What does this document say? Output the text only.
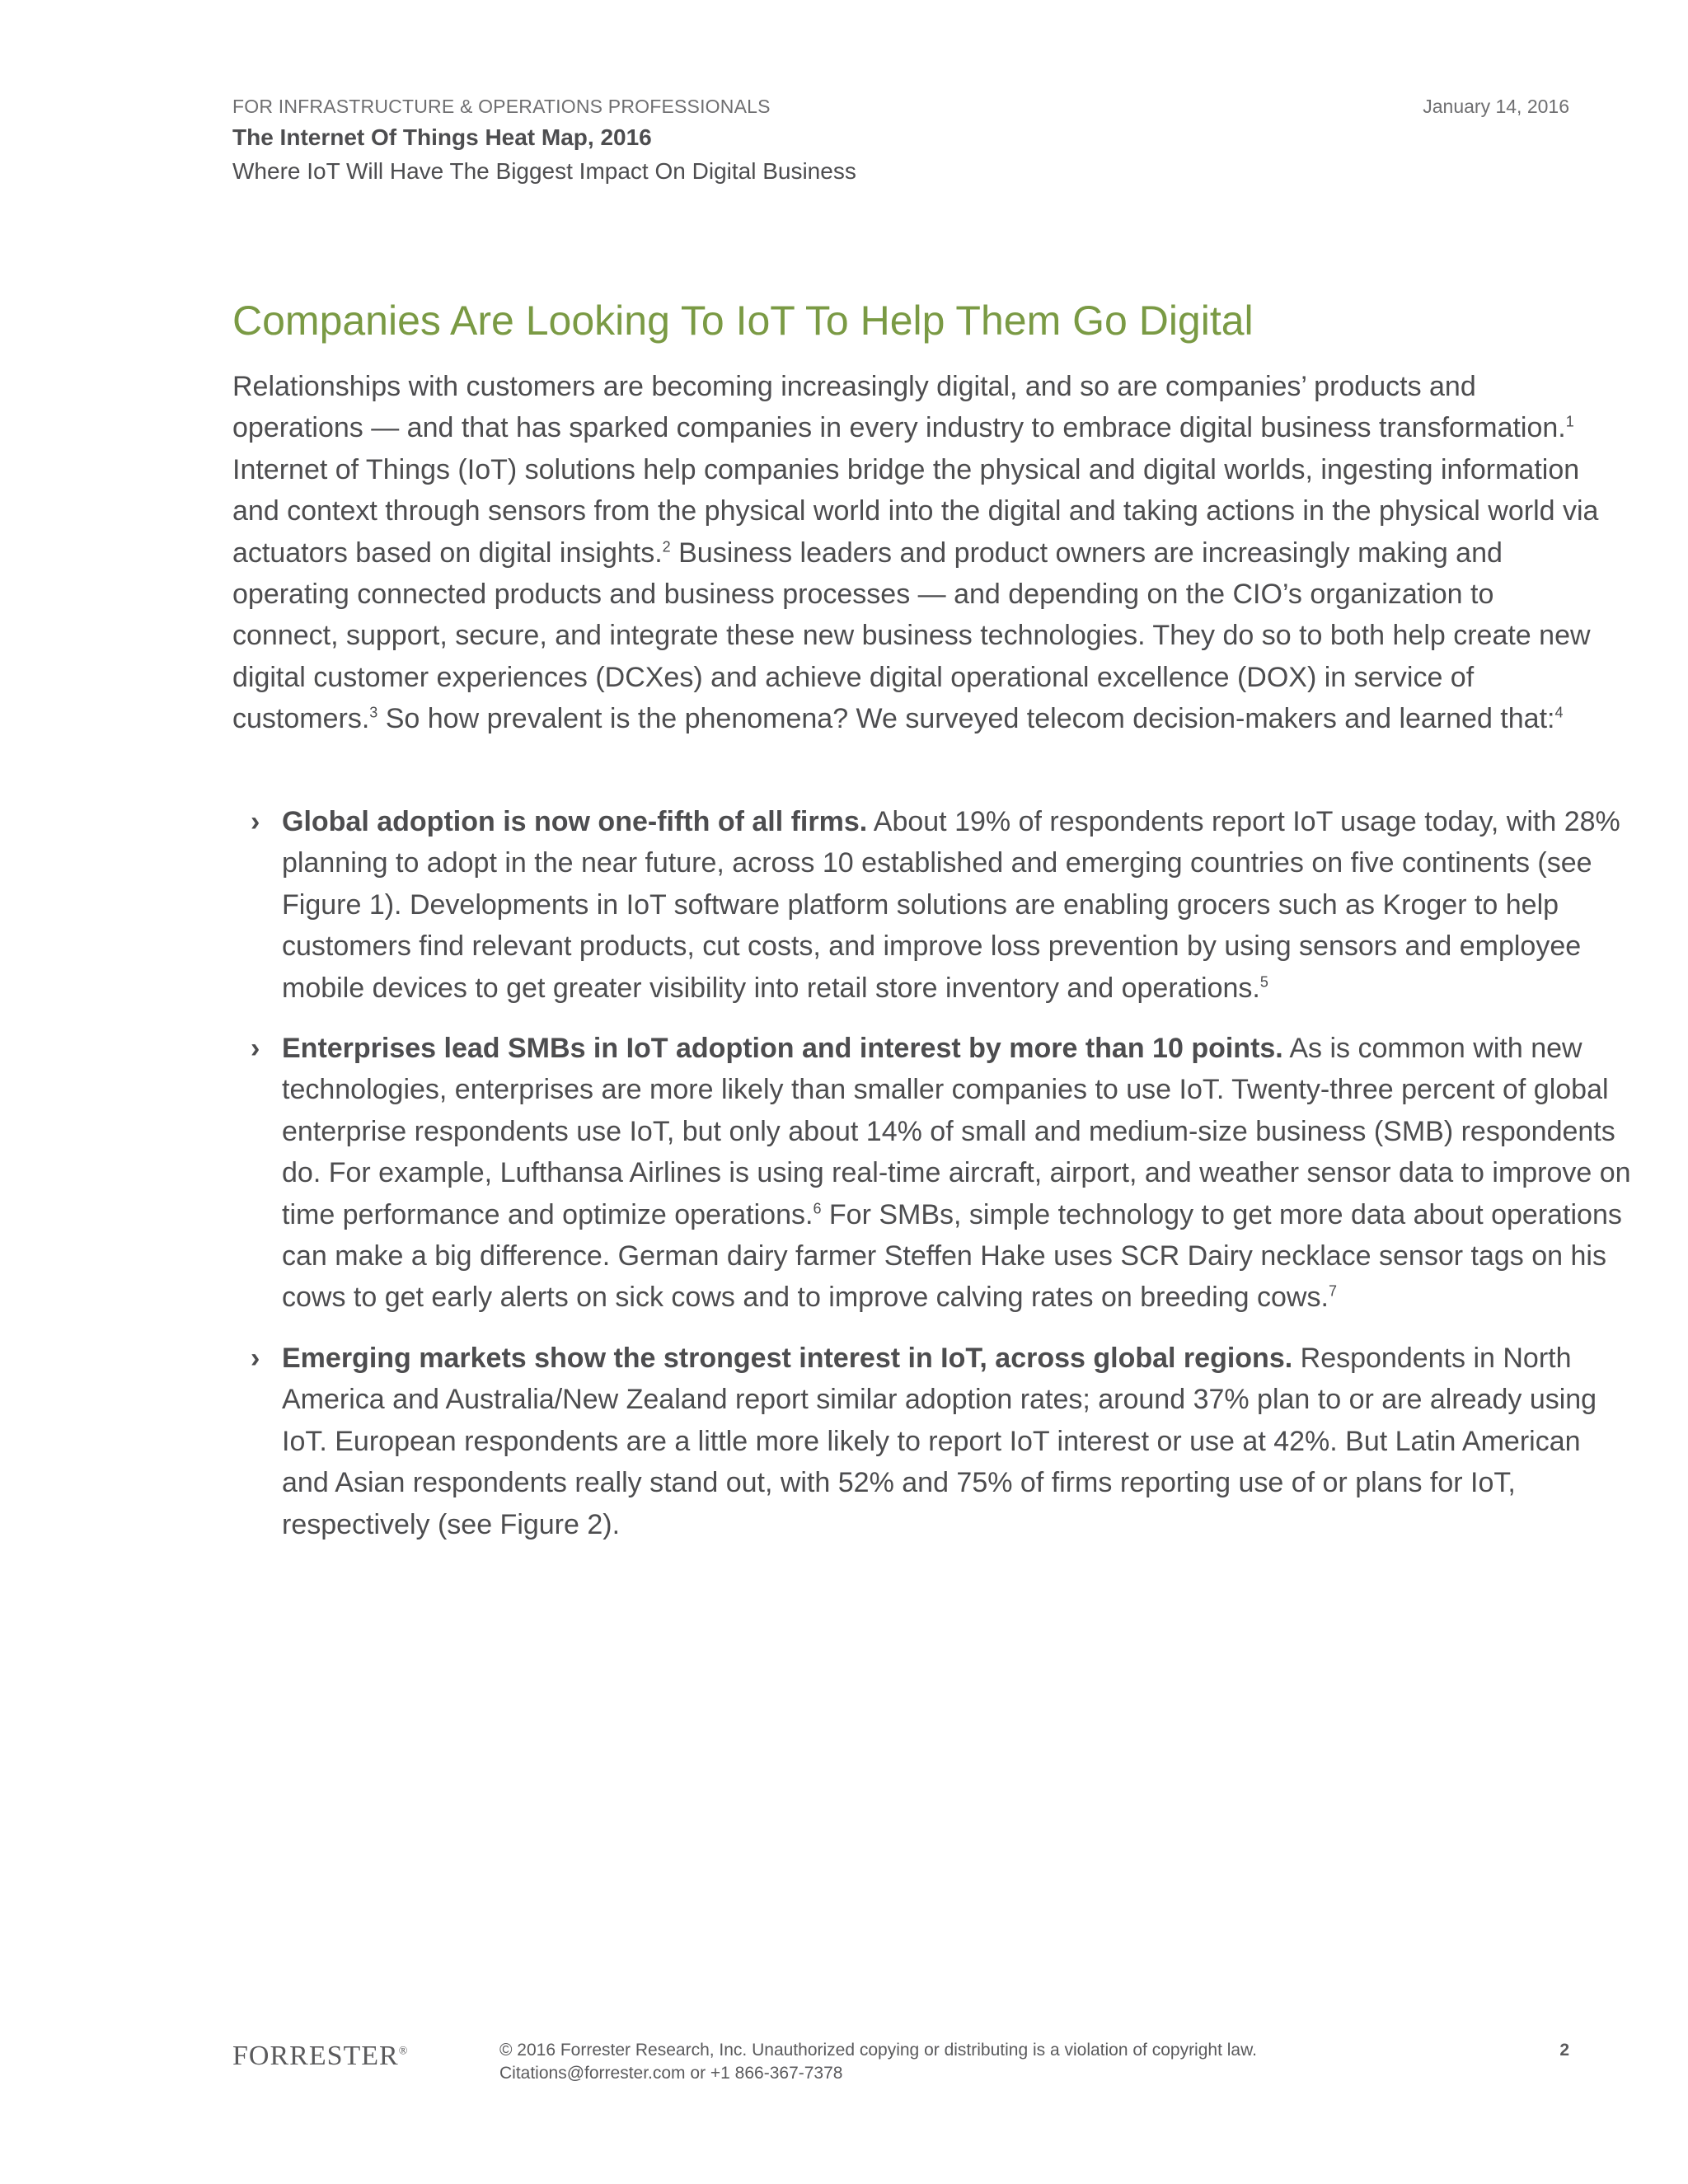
FOR INFRASTRUCTURE & OPERATIONS PROFESSIONALS	January 14, 2016
The Internet Of Things Heat Map, 2016
Where IoT Will Have The Biggest Impact On Digital Business
Companies Are Looking To IoT To Help Them Go Digital

Relationships with customers are becoming increasingly digital, and so are companies’ products and operations — and that has sparked companies in every industry to embrace digital business transformation.$^1$ Internet of Things (IoT) solutions help companies bridge the physical and digital worlds, ingesting information and context through sensors from the physical world into the digital and taking actions in the physical world via actuators based on digital insights.$^2$ Business leaders and product owners are increasingly making and operating connected products and business processes — and depending on the CIO’s organization to connect, support, secure, and integrate these new business technologies. They do so to both help create new digital customer experiences (DCXes) and achieve digital operational excellence (DOX) in service of customers.$^3$ So how prevalent is the phenomena? We surveyed telecom decision-makers and learned that:$^4$

› Global adoption is now one-fifth of all firms. About 19% of respondents report IoT usage today, with 28% planning to adopt in the near future, across 10 established and emerging countries on five continents (see Figure 1). Developments in IoT software platform solutions are enabling grocers such as Kroger to help customers find relevant products, cut costs, and improve loss prevention by using sensors and employee mobile devices to get greater visibility into retail store inventory and operations.$^5$
› Enterprises lead SMBs in IoT adoption and interest by more than 10 points. As is common with new technologies, enterprises are more likely than smaller companies to use IoT. Twenty-three percent of global enterprise respondents use IoT, but only about 14% of small and medium-size business (SMB) respondents do. For example, Lufthansa Airlines is using real-time aircraft, airport, and weather sensor data to improve on time performance and optimize operations.$^6$ For SMBs, simple technology to get more data about operations can make a big difference. German dairy farmer Steffen Hake uses SCR Dairy necklace sensor tags on his cows to get early alerts on sick cows and to improve calving rates on breeding cows.$^7$
› Emerging markets show the strongest interest in IoT, across global regions. Respondents in North America and Australia/New Zealand report similar adoption rates; around 37% plan to or are already using IoT. European respondents are a little more likely to report IoT interest or use at 42%. But Latin American and Asian respondents really stand out, with 52% and 75% of firms reporting use of or plans for IoT, respectively (see Figure 2).
FORRESTER®	© 2016 Forrester Research, Inc. Unauthorized copying or distributing is a violation of copyright law.
Citations@forrester.com or +1 866-367-7378
2
